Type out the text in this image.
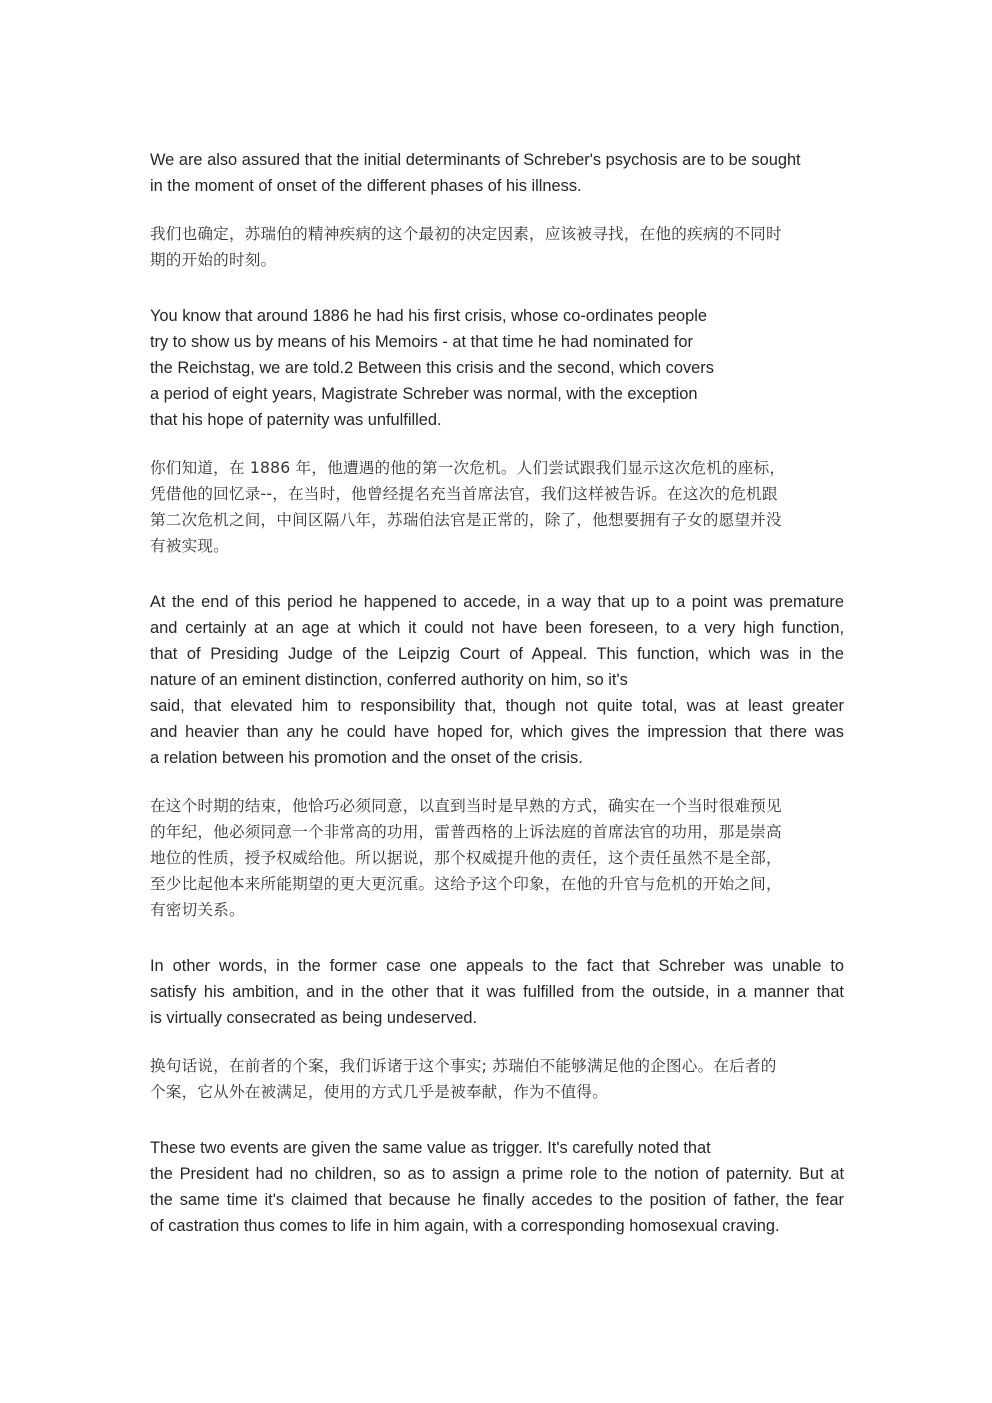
We are also assured that the initial determinants of Schreber's psychosis are to be sought
in the moment of onset of the different phases of his illness.

我们也确定，苏瑞伯的精神疾病的这个最初的决定因素，应该被寻找，在他的疾病的不同时
期的开始的时刻。

You know that around 1886 he had his first crisis, whose co-ordinates people
try to show us by means of his Memoirs - at that time he had nominated for
the Reichstag, we are told.2 Between this crisis and the second, which covers
a period of eight years, Magistrate Schreber was normal, with the exception
that his hope of paternity was unfulfilled.

你们知道，在 1886 年，他遭遇的他的第一次危机。人们尝试跟我们显示这次危机的座标，
凭借他的回忆录--，在当时，他曾经提名充当首席法官，我们这样被告诉。在这次的危机跟
第二次危机之间，中间区隔八年，苏瑞伯法官是正常的，除了，他想要拥有子女的愿望并没
有被实现。

At the end of this period he happened to accede, in a way that up to a point was premature
and certainly at an age at which it could not have been foreseen, to a very high function,
that of Presiding Judge of the Leipzig Court of Appeal. This function, which was in the
nature of an eminent distinction, conferred authority on him, so it's
said, that elevated him to responsibility that, though not quite total, was at least greater
and heavier than any he could have hoped for, which gives the impression that there was
a relation between his promotion and the onset of the crisis.

在这个时期的结束，他恰巧必须同意，以直到当时是早熟的方式，确实在一个当时很难预见
的年纪，他必须同意一个非常高的功用，雷普西格的上诉法庭的首席法官的功用，那是崇高
地位的性质，授予权威给他。所以据说，那个权威提升他的责任，这个责任虽然不是全部，
至少比起他本来所能期望的更大更沉重。这给予这个印象，在他的升官与危机的开始之间，
有密切关系。

In other words, in the former case one appeals to the fact that Schreber was unable to
satisfy his ambition, and in the other that it was fulfilled from the outside, in a manner that
is virtually consecrated as being undeserved.

换句话说，在前者的个案，我们诉诸于这个事实; 苏瑞伯不能够满足他的企图心。在后者的
个案，它从外在被满足，使用的方式几乎是被奉献，作为不值得。

These two events are given the same value as trigger. It's carefully noted that
the President had no children, so as to assign a prime role to the notion of paternity. But at
the same time it's claimed that because he finally accedes to the position of father, the fear
of castration thus comes to life in him again, with a corresponding homosexual craving.
